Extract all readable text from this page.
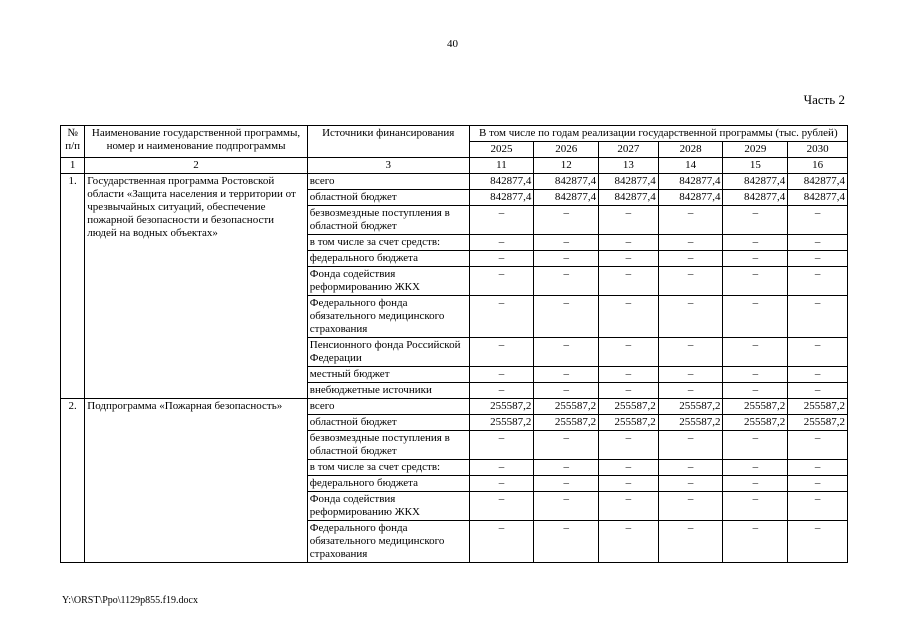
40
Часть 2
№ п/п	Наименование государственной программы, номер и наименование подпрограммы	Источники финансирования	В том числе по годам реализации государственной программы (тыс. рублей)					
			2025	2026	2027	2028	2029	2030
1	2	3	11	12	13	14	15	16
1.	Государственная программа Ростовской области «Защита населения и территории от чрезвычайных ситуаций, обеспечение пожарной безопасности и безопасности людей на водных объектах»	всего	842877,4	842877,4	842877,4	842877,4	842877,4	842877,4
		областной бюджет	842877,4	842877,4	842877,4	842877,4	842877,4	842877,4
		безвозмездные поступления в областной бюджет	–	–	–	–	–	–
		в том числе за счет средств:	–	–	–	–	–	–
		федерального бюджета	–	–	–	–	–	–
		Фонда содействия реформированию ЖКХ	–	–	–	–	–	–
		Федерального фонда обязательного медицинского страхования	–	–	–	–	–	–
		Пенсионного фонда Российской Федерации	–	–	–	–	–	–
		местный бюджет	–	–	–	–	–	–
		внебюджетные источники	–	–	–	–	–	–
2.	Подпрограмма «Пожарная безопасность»	всего	255587,2	255587,2	255587,2	255587,2	255587,2	255587,2
		областной бюджет	255587,2	255587,2	255587,2	255587,2	255587,2	255587,2
		безвозмездные поступления в областной бюджет	–	–	–	–	–	–
		в том числе за счет средств:	–	–	–	–	–	–
		федерального бюджета	–	–	–	–	–	–
		Фонда содействия реформированию ЖКХ	–	–	–	–	–	–
		Федерального фонда обязательного медицинского страхования	–	–	–	–	–	–
Y:\ORST\Ppo\1129p855.f19.docx
